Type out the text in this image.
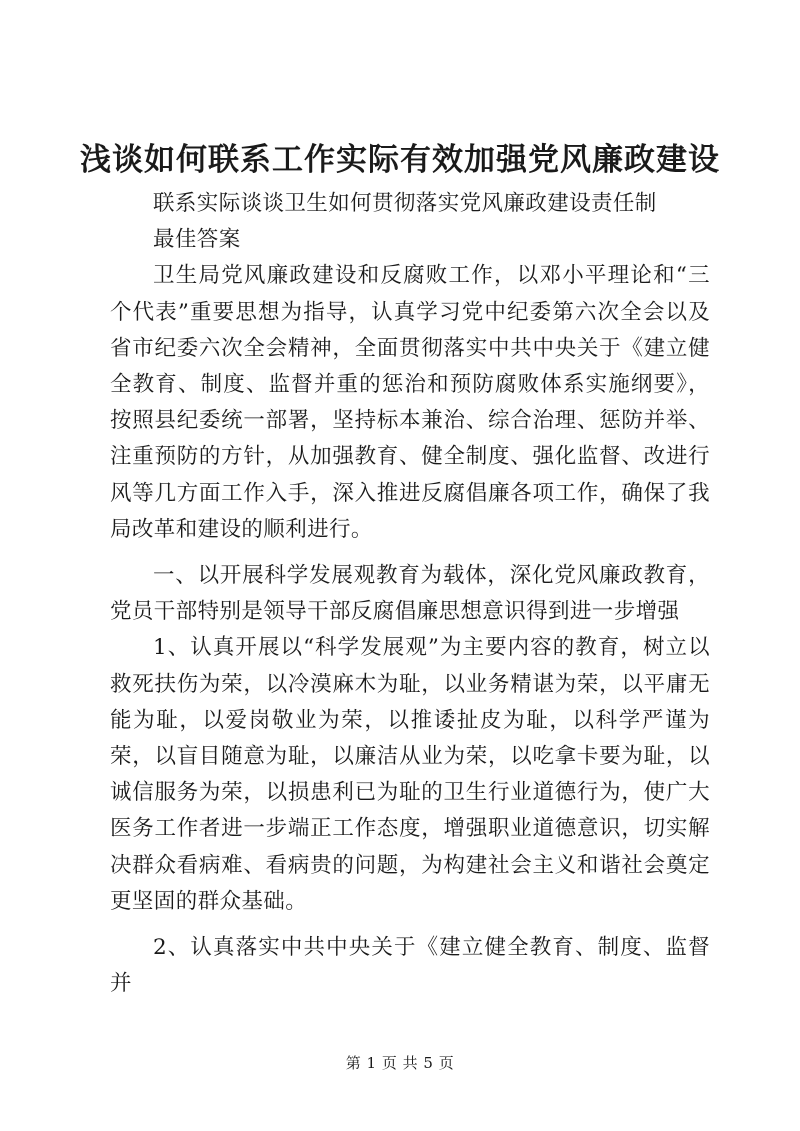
浅谈如何联系工作实际有效加强党风廉政建设

联系实际谈谈卫生如何贯彻落实党风廉政建设责任制

最佳答案

卫生局党风廉政建设和反腐败工作，以邓小平理论和“三个代表”重要思想为指导，认真学习党中纪委第六次全会以及省市纪委六次全会精神，全面贯彻落实中共中央关于《建立健全教育、制度、监督并重的惩治和预防腐败体系实施纲要》，按照县纪委统一部署，坚持标本兼治、综合治理、惩防并举、注重预防的方针，从加强教育、健全制度、强化监督、改进行风等几方面工作入手，深入推进反腐倡廉各项工作，确保了我局改革和建设的顺利进行。

一、以开展科学发展观教育为载体，深化党风廉政教育，党员干部特别是领导干部反腐倡廉思想意识得到进一步增强

1、认真开展以“科学发展观”为主要内容的教育，树立以救死扶伤为荣，以冷漠麻木为耻，以业务精谌为荣，以平庸无能为耻，以爱岗敬业为荣，以推诿扯皮为耻，以科学严谨为荣，以盲目随意为耻，以廉洁从业为荣，以吃拿卡要为耻，以诚信服务为荣，以损患利已为耻的卫生行业道德行为，使广大医务工作者进一步端正工作态度，增强职业道德意识，切实解决群众看病难、看病贵的问题，为构建社会主义和谐社会奠定更坚固的群众基础。

2、认真落实中共中央关于《建立健全教育、制度、监督并

第 1 页 共 5 页
